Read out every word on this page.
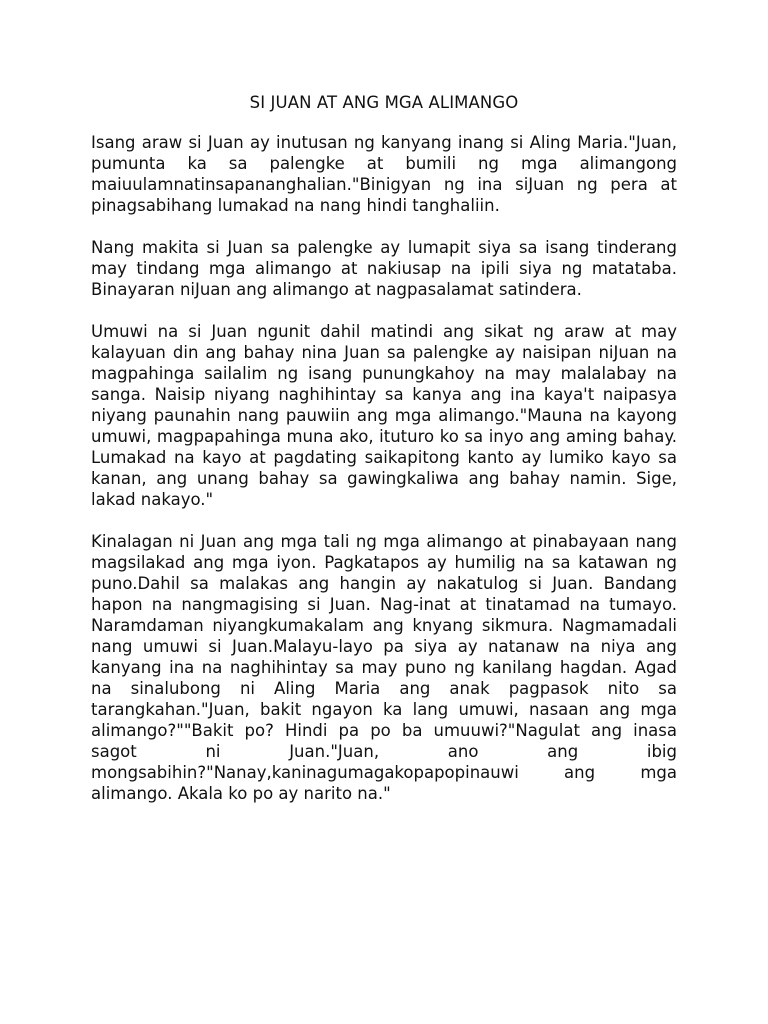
SI JUAN AT ANG MGA ALIMANGO

Isang araw si Juan ay inutusan ng kanyang inang si Aling Maria."Juan, pumunta ka sa palengke at bumili ng mga alimangong maiuulamnatinsapananghalian."Binigyan ng ina siJuan ng pera at pinagsabihang lumakad na nang hindi tanghaliin.

Nang makita si Juan sa palengke ay lumapit siya sa isang tinderang may tindang mga alimango at nakiusap na ipili siya ng matataba. Binayaran niJuan ang alimango at nagpasalamat satindera.

Umuwi na si Juan ngunit dahil matindi ang sikat ng araw at may kalayuan din ang bahay nina Juan sa palengke ay naisipan niJuan na magpahinga sailalim ng isang punungkahoy na may malalabay na sanga. Naisip niyang naghihintay sa kanya ang ina kaya't naipasya niyang paunahin nang pauwiin ang mga alimango."Mauna na kayong umuwi, magpapahinga muna ako, ituturo ko sa inyo ang aming bahay. Lumakad na kayo at pagdating saikapitong kanto ay lumiko kayo sa kanan, ang unang bahay sa gawingkaliwa ang bahay namin. Sige, lakad nakayo."

Kinalagan ni Juan ang mga tali ng mga alimango at pinabayaan nang magsilakad ang mga iyon. Pagkatapos ay humilig na sa katawan ng puno.Dahil sa malakas ang hangin ay nakatulog si Juan. Bandang hapon na nangmagising si Juan. Nag-inat at tinatamad na tumayo. Naramdaman niyangkumakalam ang knyang sikmura. Nagmamadali nang umuwi si Juan.Malayu-layo pa siya ay natanaw na niya ang kanyang ina na naghihintay sa may puno ng kanilang hagdan. Agad na sinalubong ni Aling Maria ang anak pagpasok nito sa tarangkahan."Juan, bakit ngayon ka lang umuwi, nasaan ang mga alimango?""Bakit po? Hindi pa po ba umuuwi?"Nagulat ang inasa sagot ni Juan."Juan, ano ang ibig mongsabihin?"Nanay,kaninagumagakopapopinauwi ang mga alimango. Akala ko po ay narito na."
